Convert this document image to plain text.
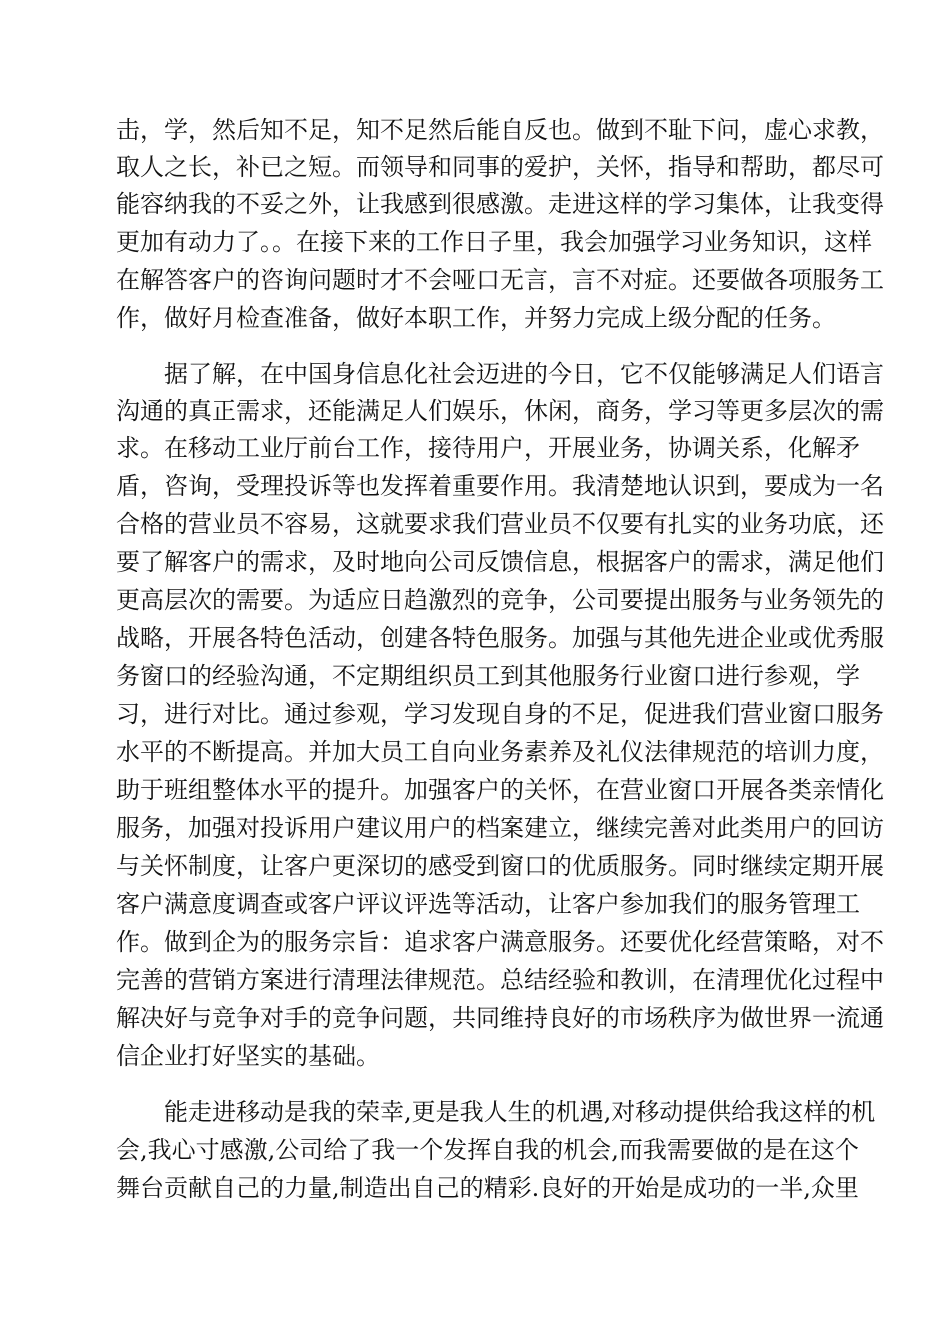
击，学，然后知不足，知不足然后能自反也。做到不耻下问，虚心求教，

取人之长，补已之短。而领导和同事的爱护，关怀，指导和帮助，都尽可

能容纳我的不妥之外，让我感到很感激。走进这样的学习集体，让我变得

更加有动力了。。在接下来的工作日子里，我会加强学习业务知识，这样

在解答客户的咨询问题时才不会哑口无言，言不对症。还要做各项服务工

作，做好月检查准备，做好本职工作，并努力完成上级分配的任务。

据了解，在中国身信息化社会迈进的今日，它不仅能够满足人们语言

沟通的真正需求，还能满足人们娱乐，休闲，商务，学习等更多层次的需

求。在移动工业厅前台工作，接待用户，开展业务，协调关系，化解矛

盾，咨询，受理投诉等也发挥着重要作用。我清楚地认识到，要成为一名

合格的营业员不容易，这就要求我们营业员不仅要有扎实的业务功底，还

要了解客户的需求，及时地向公司反馈信息，根据客户的需求，满足他们

更高层次的需要。为适应日趋激烈的竞争，公司要提出服务与业务领先的

战略，开展各特色活动，创建各特色服务。加强与其他先进企业或优秀服

务窗口的经验沟通，不定期组织员工到其他服务行业窗口进行参观，学

习，进行对比。通过参观，学习发现自身的不足，促进我们营业窗口服务

水平的不断提高。并加大员工自向业务素养及礼仪法律规范的培训力度，

助于班组整体水平的提升。加强客户的关怀，在营业窗口开展各类亲情化

服务，加强对投诉用户建议用户的档案建立，继续完善对此类用户的回访

与关怀制度，让客户更深切的感受到窗口的优质服务。同时继续定期开展

客户满意度调查或客户评议评选等活动，让客户参加我们的服务管理工

作。做到企为的服务宗旨：追求客户满意服务。还要优化经营策略，对不

完善的营销方案进行清理法律规范。总结经验和教训，在清理优化过程中

解决好与竞争对手的竞争问题，共同维持良好的市场秩序为做世界一流通

信企业打好坚实的基础。

能走进移动是我的荣幸,更是我人生的机遇,对移动提供给我这样的机

会,我心寸感激,公司给了我一个发挥自我的机会,而我需要做的是在这个

舞台贡献自己的力量,制造出自己的精彩.良好的开始是成功的一半,众里
